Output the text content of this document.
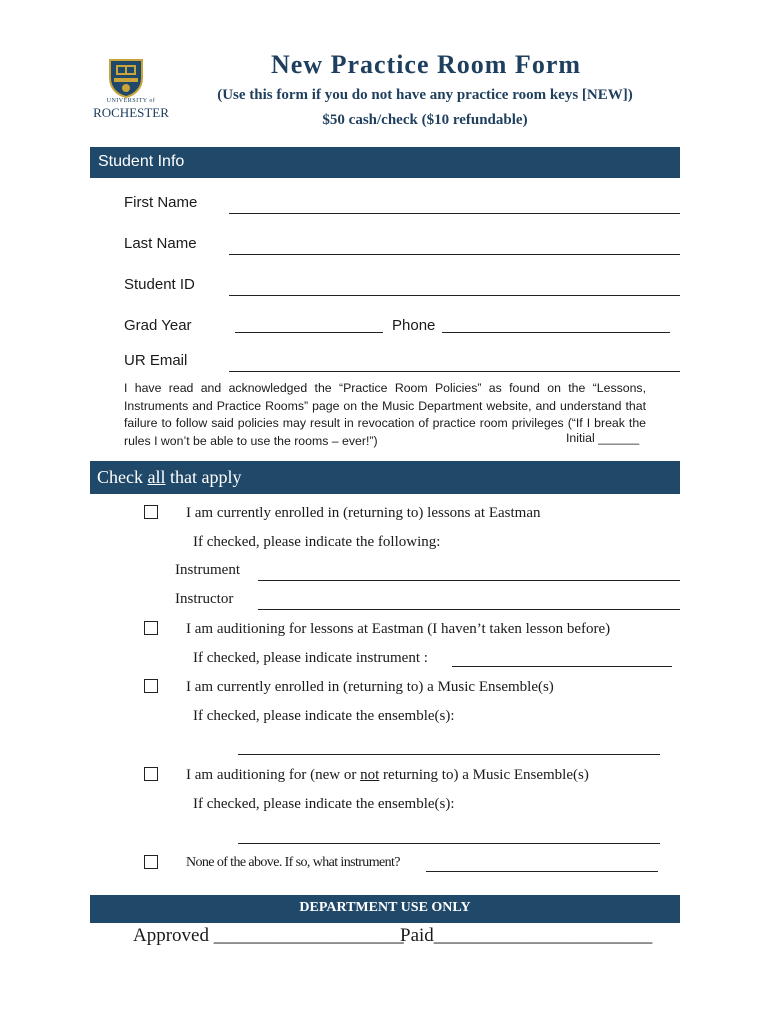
UNIVERSITY of
ROCHESTER
New Practice Room Form
(Use this form if you do not have any practice room keys [NEW])
$50 cash/check ($10 refundable)
Student Info
First Name
Last Name
Student ID
Grad Year	Phone
UR Email
I have read and acknowledged the “Practice Room Policies” as found on the “Lessons, Instruments and Practice Rooms” page on the Music Department website, and understand that failure to follow said policies may result in revocation of practice room privileges (“If I break the rules I won’t be able to use the rooms – ever!”)	Initial ______
Check all that apply
I am currently enrolled in (returning to) lessons at Eastman
If checked, please indicate the following:
Instrument
Instructor
I am auditioning for lessons at Eastman (I haven’t taken lesson before)
If checked, please indicate instrument :
I am currently enrolled in (returning to) a Music Ensemble(s)
If checked, please indicate the ensemble(s):
I am auditioning for (new or not returning to) a Music Ensemble(s)
If checked, please indicate the ensemble(s):
None of the above. If so, what instrument?
DEPARTMENT USE ONLY
Approved ____________________
Paid_______________________
